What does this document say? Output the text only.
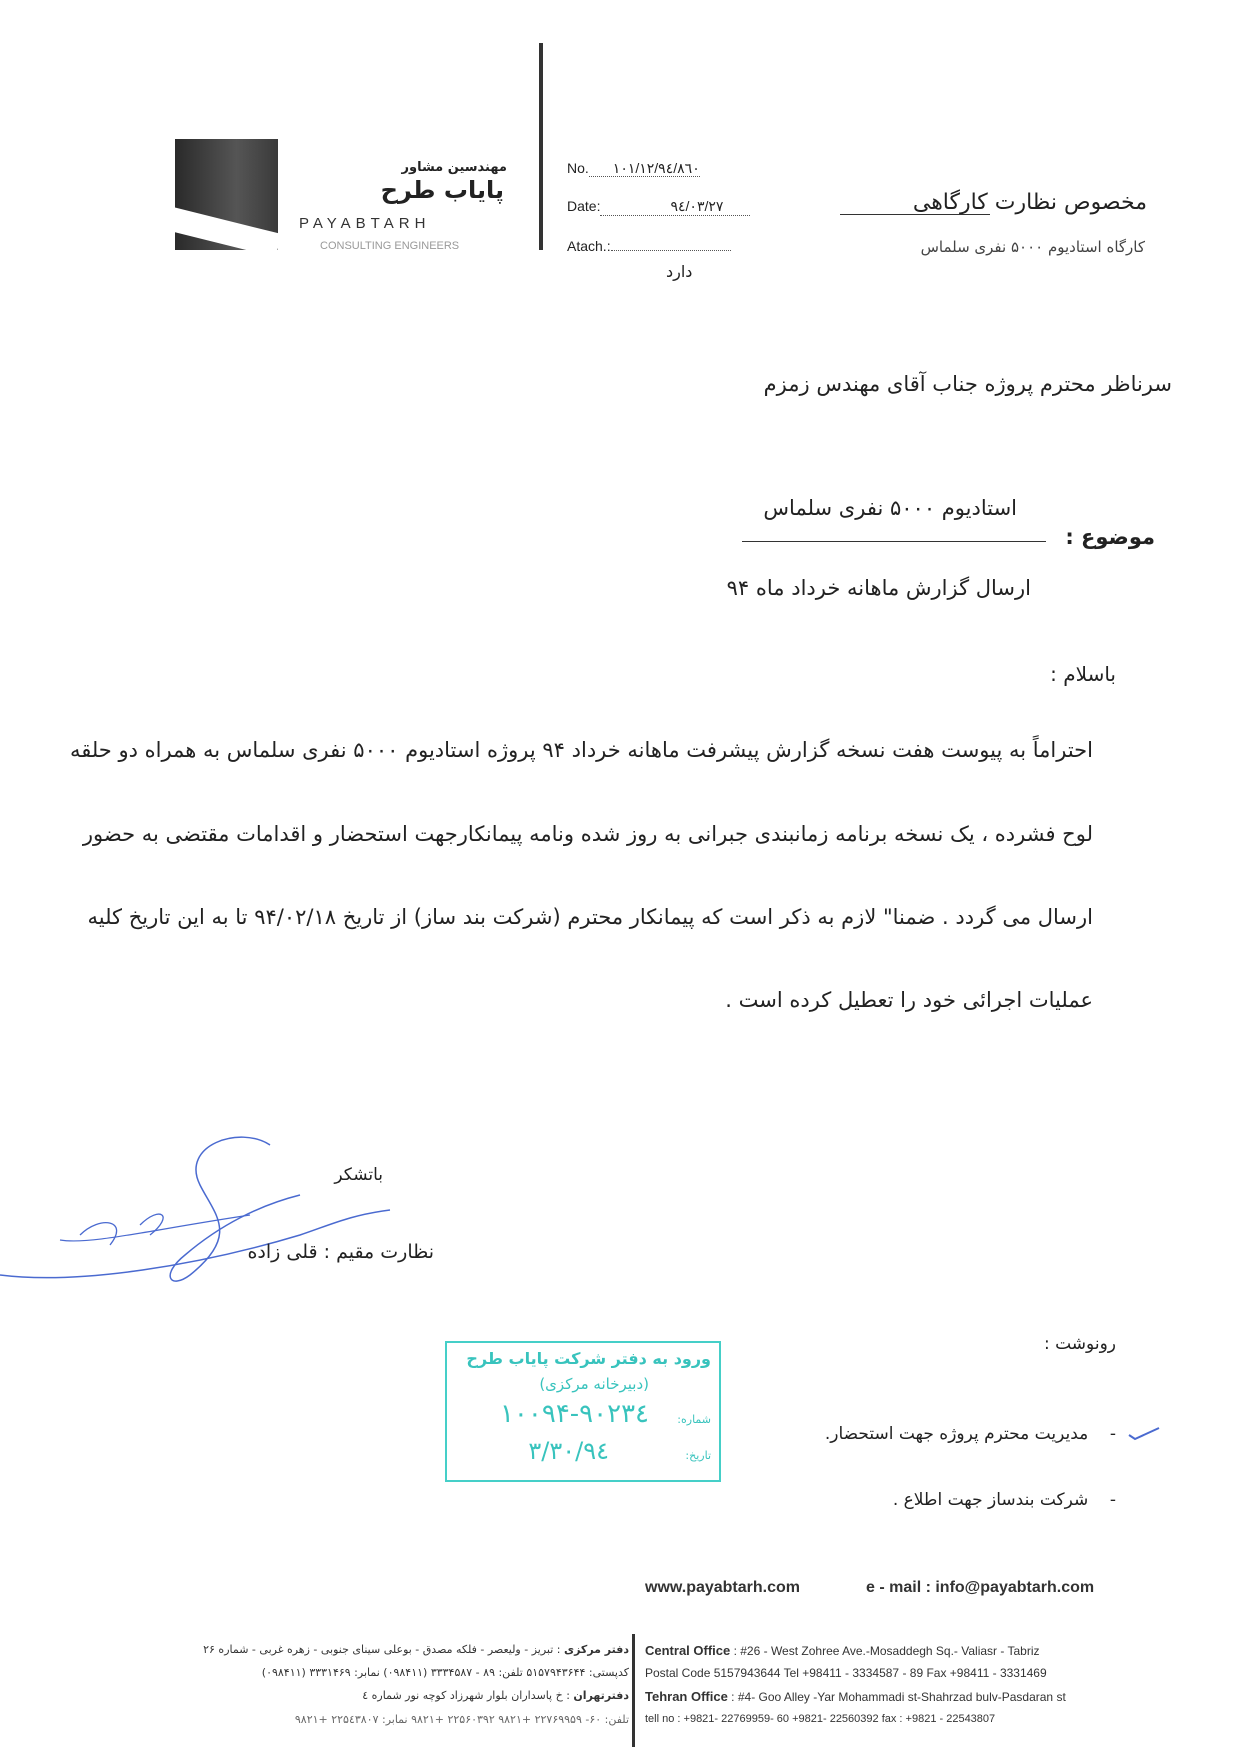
مهندسین مشاور
پایاب طرح
PAYABTARH
CONSULTING ENGINEERS
No. ۱۰۱/۱۲/۹٤/۸٦۰
Date:	۹٤/۰۳/۲۷
Atach.:
دارد
مخصوص نظارت کارگاهی
کارگاه استادیوم ۵۰۰۰ نفری سلماس
سرناظر محترم پروژه جناب آقای مهندس زمزم
استادیوم ۵۰۰۰ نفری سلماس
موضوع :
ارسال گزارش ماهانه خرداد ماه ۹۴
باسلام :
احتراماً به پیوست هفت نسخه گزارش پیشرفت ماهانه خرداد ۹۴ پروژه استادیوم ۵۰۰۰ نفری سلماس به همراه دو حلقه
لوح فشرده ، یک نسخه برنامه زمانبندی جبرانی به روز شده ونامه پیمانکارجهت استحضار و اقدامات مقتضی به حضور
ارسال می گردد . ضمنا" لازم به ذکر است که پیمانکار محترم (شرکت بند ساز) از تاریخ ۹۴/۰۲/۱۸ تا به این تاریخ کلیه
عملیات اجرائی خود را تعطیل کرده است .
باتشکر
نظارت مقیم : قلی زاده
رونوشت :
-    مدیریت محترم پروژه جهت استحضار.
-    شرکت بندساز جهت اطلاع .
ورود به دفتر شرکت پایاب طرح
(دبیرخانه مرکزی)
شماره:
۱۰۰۹۴-۹۰۲۳٤
تاریخ:
۹٤/۳/۳۰
www.payabtarh.com	e - mail : info@payabtarh.com
Central Office : #26 - West Zohree Ave.-Mosaddegh Sq.- Valiasr - Tabriz
Postal Code 5157943644 Tel +98411 - 3334587 - 89 Fax +98411 - 3331469
Tehran Office : #4- Goo Alley -Yar Mohammadi st-Shahrzad bulv-Pasdaran st
tell no : +9821- 22769959- 60 +9821- 22560392 fax : +9821 - 22543807
دفتر مرکزی : تبریز - ولیعصر - فلکه مصدق - بوعلی سینای جنوبی - زهره غربی - شماره ۲۶
کدپستی: ۵۱۵۷۹۴۳۶۴۴ تلفن: ۸۹ - ۳۳۳۴۵۸۷ (۰۹۸۴۱۱) نمابر: ۳۳۳۱۴۶۹ (۰۹۸۴۱۱)
دفترتهران : خ پاسداران بلوار شهرزاد کوچه نور شماره ٤
تلفن: ۶۰- ۲۲۷۶۹۹۵۹ +۹۸۲۱ ۲۲۵۶۰۳۹۲ +۹۸۲۱ نمابر: ۲۲۵٤۳۸۰۷ +۹۸۲۱
